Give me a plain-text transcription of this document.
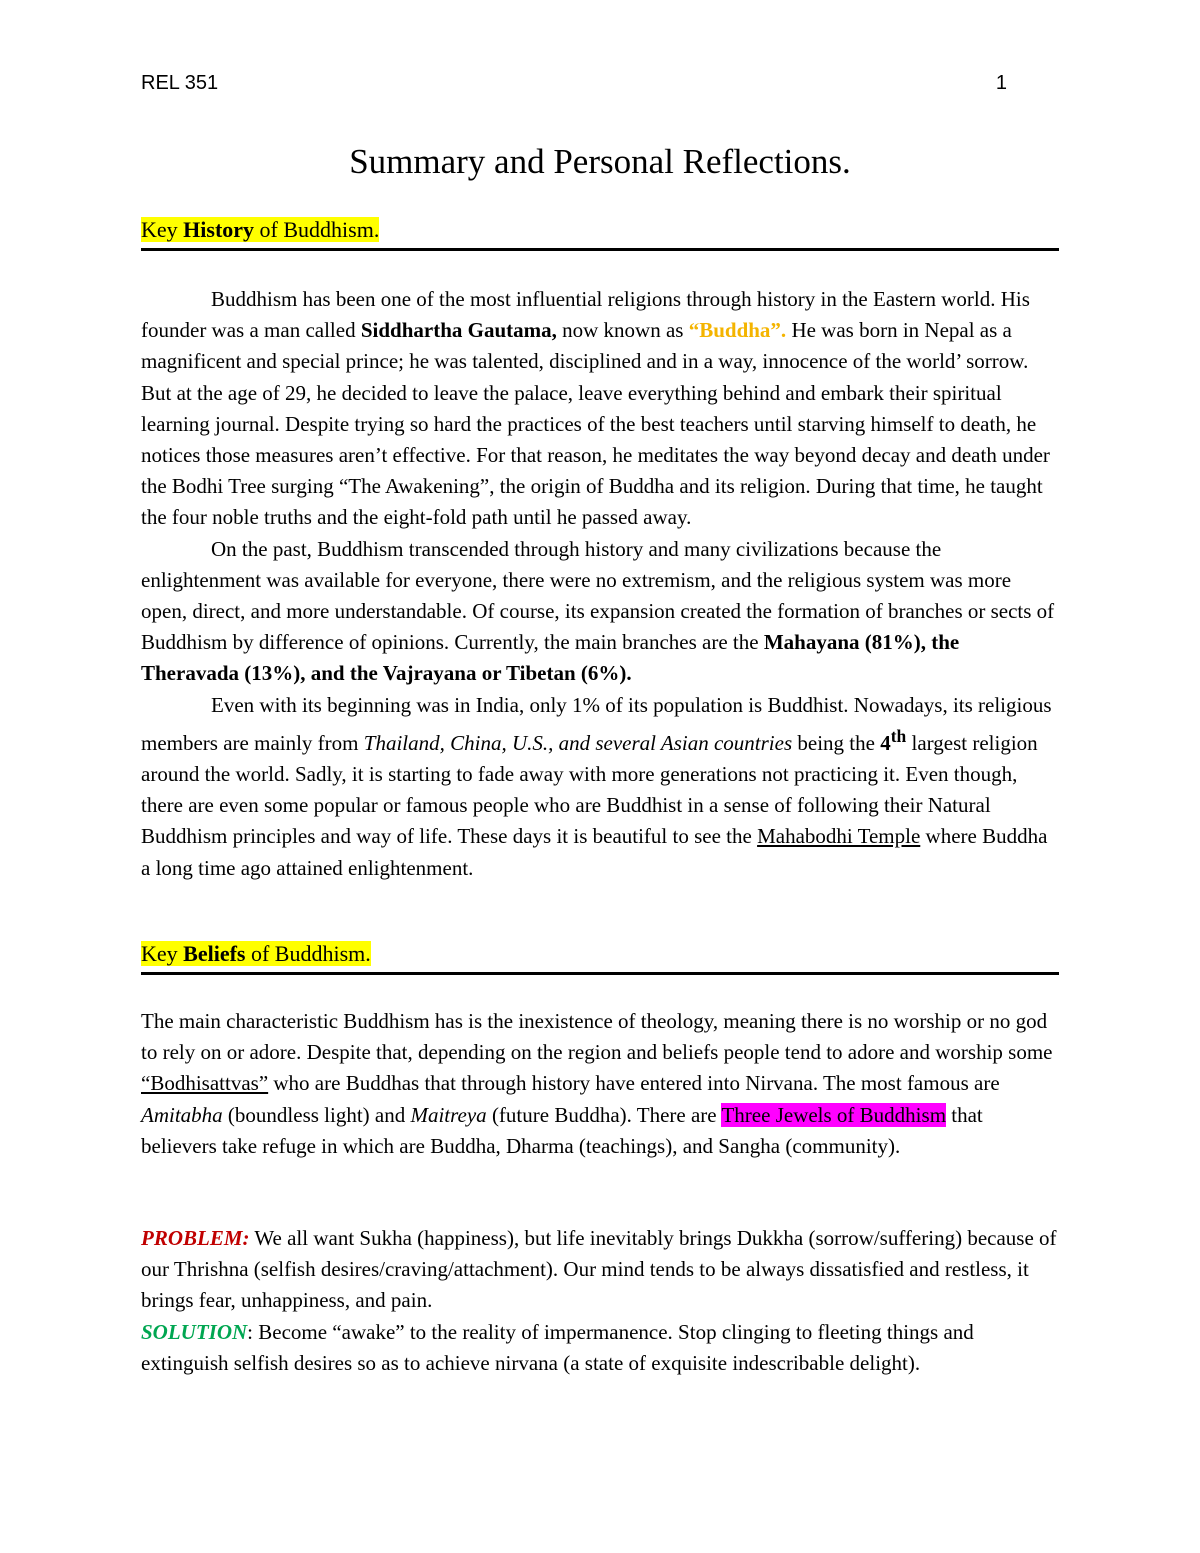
REL 351	1
Summary and Personal Reflections.
Key History of Buddhism.

Buddhism has been one of the most influential religions through history in the Eastern world. His founder was a man called Siddhartha Gautama, now known as “Buddha”. He was born in Nepal as a magnificent and special prince; he was talented, disciplined and in a way, innocence of the world’ sorrow. But at the age of 29, he decided to leave the palace, leave everything behind and embark their spiritual learning journal. Despite trying so hard the practices of the best teachers until starving himself to death, he notices those measures aren’t effective. For that reason, he meditates the way beyond decay and death under the Bodhi Tree surging “The Awakening”, the origin of Buddha and its religion. During that time, he taught the four noble truths and the eight-fold path until he passed away.

On the past, Buddhism transcended through history and many civilizations because the enlightenment was available for everyone, there were no extremism, and the religious system was more open, direct, and more understandable. Of course, its expansion created the formation of branches or sects of Buddhism by difference of opinions. Currently, the main branches are the Mahayana (81%), the Theravada (13%), and the Vajrayana or Tibetan (6%).

Even with its beginning was in India, only 1% of its population is Buddhist. Nowadays, its religious members are mainly from Thailand, China, U.S., and several Asian countries being the 4th largest religion around the world. Sadly, it is starting to fade away with more generations not practicing it. Even though, there are even some popular or famous people who are Buddhist in a sense of following their Natural Buddhism principles and way of life. These days it is beautiful to see the Mahabodhi Temple where Buddha a long time ago attained enlightenment.

Key Beliefs of Buddhism.

The main characteristic Buddhism has is the inexistence of theology, meaning there is no worship or no god to rely on or adore. Despite that, depending on the region and beliefs people tend to adore and worship some “Bodhisattvas” who are Buddhas that through history have entered into Nirvana. The most famous are Amitabha (boundless light) and Maitreya (future Buddha). There are Three Jewels of Buddhism that believers take refuge in which are Buddha, Dharma (teachings), and Sangha (community).

PROBLEM: We all want Sukha (happiness), but life inevitably brings Dukkha (sorrow/suffering) because of our Thrishna (selfish desires/craving/attachment). Our mind tends to be always dissatisfied and restless, it brings fear, unhappiness, and pain.

SOLUTION: Become “awake” to the reality of impermanence. Stop clinging to fleeting things and extinguish selfish desires so as to achieve nirvana (a state of exquisite indescribable delight).
